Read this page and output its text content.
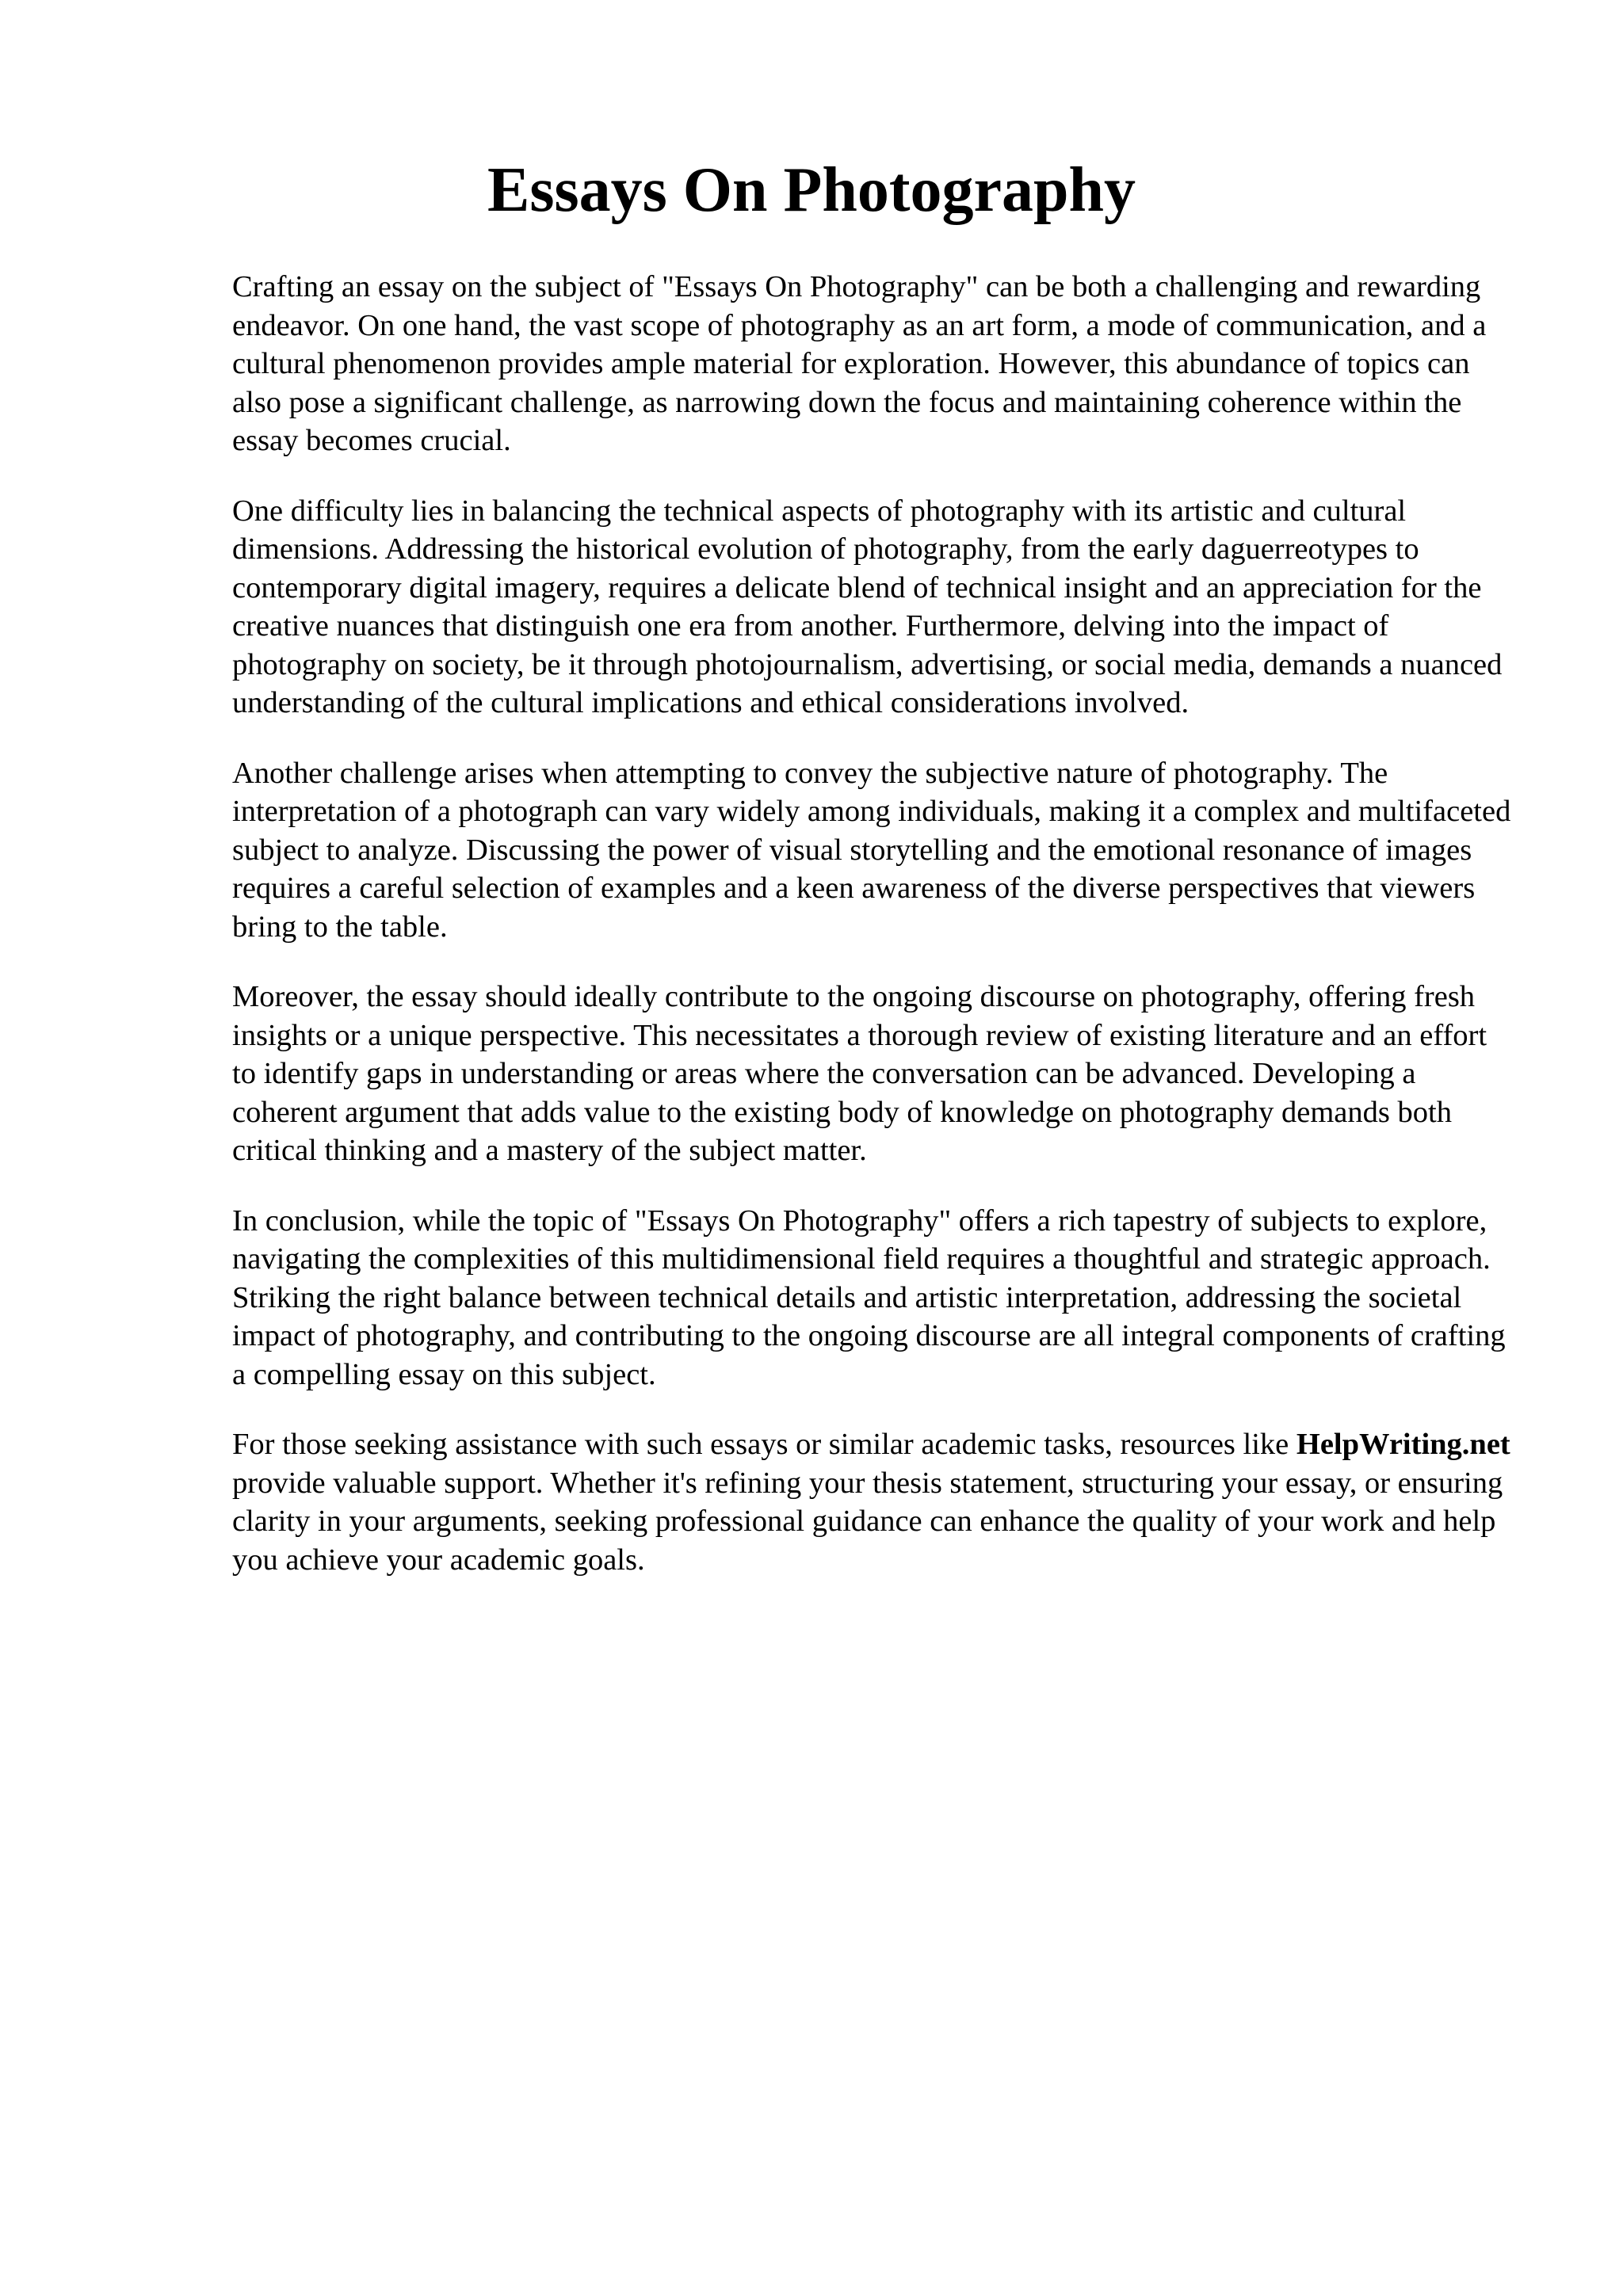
Essays On Photography

Crafting an essay on the subject of "Essays On Photography" can be both a challenging and rewarding endeavor. On one hand, the vast scope of photography as an art form, a mode of communication, and a cultural phenomenon provides ample material for exploration. However, this abundance of topics can also pose a significant challenge, as narrowing down the focus and maintaining coherence within the essay becomes crucial.

One difficulty lies in balancing the technical aspects of photography with its artistic and cultural dimensions. Addressing the historical evolution of photography, from the early daguerreotypes to contemporary digital imagery, requires a delicate blend of technical insight and an appreciation for the creative nuances that distinguish one era from another. Furthermore, delving into the impact of photography on society, be it through photojournalism, advertising, or social media, demands a nuanced understanding of the cultural implications and ethical considerations involved.

Another challenge arises when attempting to convey the subjective nature of photography. The interpretation of a photograph can vary widely among individuals, making it a complex and multifaceted subject to analyze. Discussing the power of visual storytelling and the emotional resonance of images requires a careful selection of examples and a keen awareness of the diverse perspectives that viewers bring to the table.

Moreover, the essay should ideally contribute to the ongoing discourse on photography, offering fresh insights or a unique perspective. This necessitates a thorough review of existing literature and an effort to identify gaps in understanding or areas where the conversation can be advanced. Developing a coherent argument that adds value to the existing body of knowledge on photography demands both critical thinking and a mastery of the subject matter.

In conclusion, while the topic of "Essays On Photography" offers a rich tapestry of subjects to explore, navigating the complexities of this multidimensional field requires a thoughtful and strategic approach. Striking the right balance between technical details and artistic interpretation, addressing the societal impact of photography, and contributing to the ongoing discourse are all integral components of crafting a compelling essay on this subject.

For those seeking assistance with such essays or similar academic tasks, resources like HelpWriting.net provide valuable support. Whether it's refining your thesis statement, structuring your essay, or ensuring clarity in your arguments, seeking professional guidance can enhance the quality of your work and help you achieve your academic goals.
